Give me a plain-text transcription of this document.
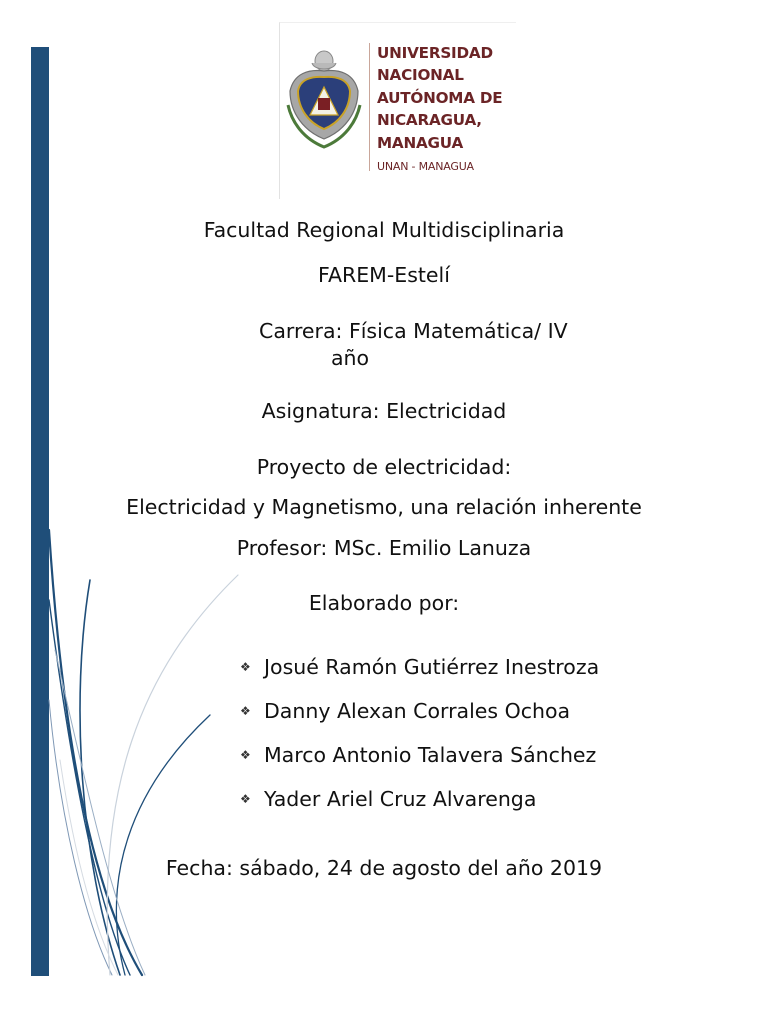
UNIVERSIDAD
NACIONAL
AUTÓNOMA DE
NICARAGUA,
MANAGUA
UNAN - MANAGUA
Facultad Regional Multidisciplinaria
FAREM-Estelí
Carrera: Física Matemática/ IV
año
Asignatura: Electricidad
Proyecto de electricidad:
Electricidad y Magnetismo, una relación inherente
Profesor: MSc. Emilio Lanuza
Elaborado por:
❖ Josué Ramón Gutiérrez Inestroza
❖ Danny Alexan Corrales Ochoa
❖ Marco Antonio Talavera Sánchez
❖ Yader Ariel Cruz Alvarenga
Fecha: sábado, 24 de agosto del año 2019
